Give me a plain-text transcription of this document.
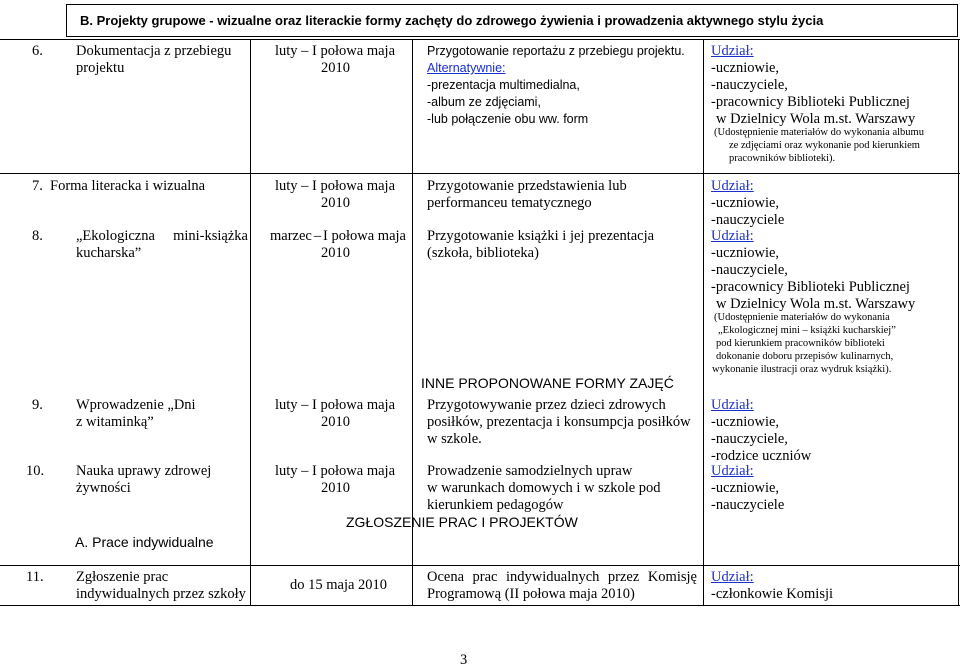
B. Projekty grupowe - wizualne oraz literackie formy zachęty do zdrowego żywienia i prowadzenia aktywnego stylu życia
6. Dokumentacja z przebiegu
projektu
luty – I połowa maja
2010
Przygotowanie reportażu z przebiegu projektu.
Alternatywnie:
-prezentacja multimedialna,
-album ze zdjęciami,
-lub połączenie obu ww. form
Udział:
-uczniowie,
-nauczyciele,
-pracownicy Biblioteki Publicznej
w Dzielnicy Wola m.st. Warszawy
(Udostępnienie materiałów do wykonania albumu
ze zdjęciami oraz wykonanie pod kierunkiem
pracowników biblioteki).
7. Forma literacka i wizualna	luty – I połowa maja
2010
Przygotowanie przedstawienia lub
performanceu tematycznego
Udział:
-uczniowie,
-nauczyciele
8. „Ekologiczna mini-książka
kucharska”
marzec – I połowa maja
2010
Przygotowanie książki i jej prezentacja
(szkoła, biblioteka)
Udział:
-uczniowie,
-nauczyciele,
-pracownicy Biblioteki Publicznej
w Dzielnicy Wola m.st. Warszawy
(Udostępnienie materiałów do wykonania
„Ekologicznej mini – książki kucharskiej”
pod kierunkiem pracowników biblioteki
dokonanie doboru przepisów kulinarnych,
wykonanie ilustracji oraz wydruk książki).
INNE PROPONOWANE FORMY ZAJĘĆ
9. Wprowadzenie „Dni
z witaminką”
luty – I połowa maja
2010
Przygotowywanie przez dzieci zdrowych
posiłków, prezentacja i konsumpcja posiłków
w szkole.
Udział:
-uczniowie,
-nauczyciele,
-rodzice uczniów
10. Nauka uprawy zdrowej
żywności
luty – I połowa maja
2010
Prowadzenie samodzielnych upraw
w warunkach domowych i w szkole pod
kierunkiem pedagogów
Udział:
-uczniowie,
-nauczyciele
ZGŁOSZENIE PRAC I PROJEKTÓW
A. Prace indywidualne
11. Zgłoszenie prac
indywidualnych przez szkoły
do 15 maja 2010	Ocena prac indywidualnych przez Komisję
Programową (II połowa maja 2010)
Udział:
-członkowie Komisji
3
